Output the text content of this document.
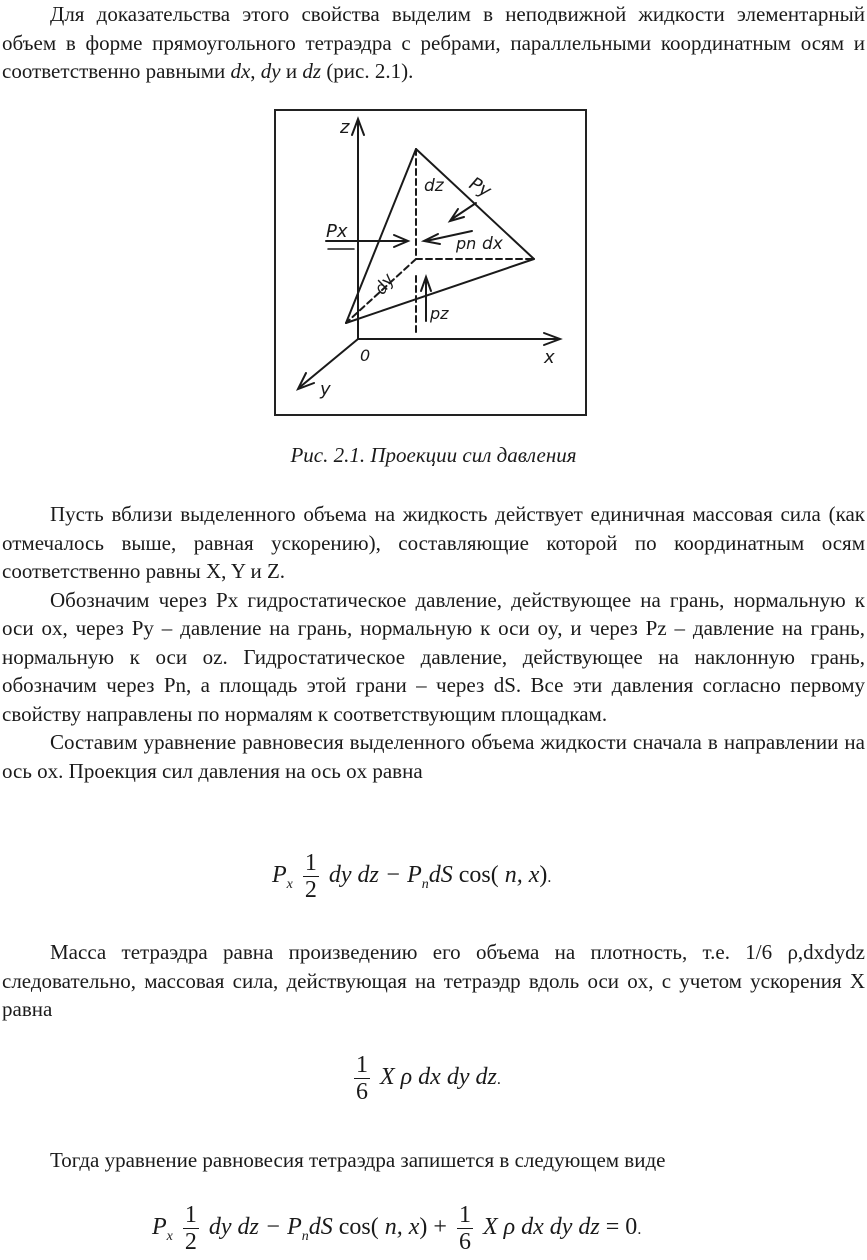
Для доказательства этого свойства выделим в неподвижной жидкости элементарный объем в форме прямоугольного тетраэдра с ребрами, параллельными координатным осям и соответственно равными dx, dy и dz (рис. 2.1).

z
x
y
0
Px
Py
pz
pn
dz
dy
dx
Рис. 2.1. Проекции сил давления

Пусть вблизи выделенного объема на жидкость действует единичная массовая сила (как отмечалось выше, равная ускорению), составляющие которой по координатным осям соответственно равны X, Y и Z.

Обозначим через Px гидростатическое давление, действующее на грань, нормальную к оси ox, через Py – давление на грань, нормальную к оси oy, и через Pz – давление на грань, нормальную к оси oz. Гидростатическое давление, действующее на наклонную грань, обозначим через Pn, а площадь этой грани – через dS. Все эти давления согласно первому свойству направлены по нормалям к соответствующим площадкам.

Составим уравнение равновесия выделенного объема жидкости сначала в направлении на ось ox. Проекция сил давления на ось ox равна

$P_x \frac{1}{2}$ dy dz − $P_ndS$ cos( n, x).

Масса тетраэдра равна произведению его объема на плотность, т.е. 1/6 ρ,dxdydz следовательно, массовая сила, действующая на тетраэдр вдоль оси ox, с учетом ускорения X равна

$\frac{1}{6}$ X ρ dx dy dz.

Тогда уравнение равновесия тетраэдра запишется в следующем виде

$P_x \frac{1}{2}$ dy dz − $P_ndS$ cos( n, $x) + \frac{1}{6}$ X ρ dx dy dz = 0.
